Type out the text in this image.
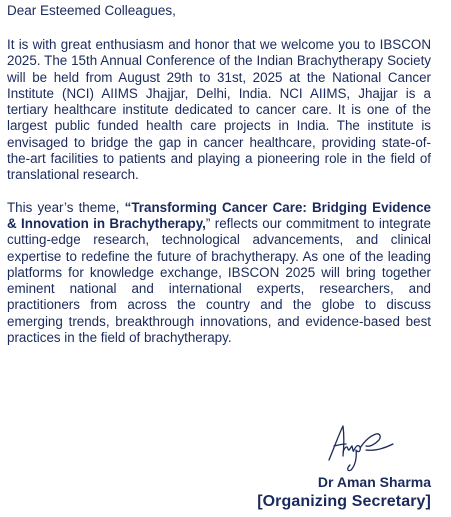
Dear Esteemed Colleagues,

It is with great enthusiasm and honor that we welcome you to IBSCON 2025. The 15th Annual Conference of the Indian Brachytherapy Society will be held from August 29th to 31st, 2025 at the National Cancer Institute (NCI) AIIMS Jhajjar, Delhi, India. NCI AIIMS, Jhajjar is a tertiary healthcare institute dedicated to cancer care. It is one of the largest public funded health care projects in India. The institute is envisaged to bridge the gap in cancer healthcare, providing state-of-the-art facilities to patients and playing a pioneering role in the field of translational research.

This year’s theme, “Transforming Cancer Care: Bridging Evidence & Innovation in Brachytherapy,” reflects our commitment to integrate cutting-edge research, technological advancements, and clinical expertise to redefine the future of brachytherapy. As one of the leading platforms for knowledge exchange, IBSCON 2025 will bring together eminent national and international experts, researchers, and practitioners from across the country and the globe to discuss emerging trends, breakthrough innovations, and evidence-based best practices in the field of brachytherapy.

Dr Aman Sharma
[Organizing Secretary]
